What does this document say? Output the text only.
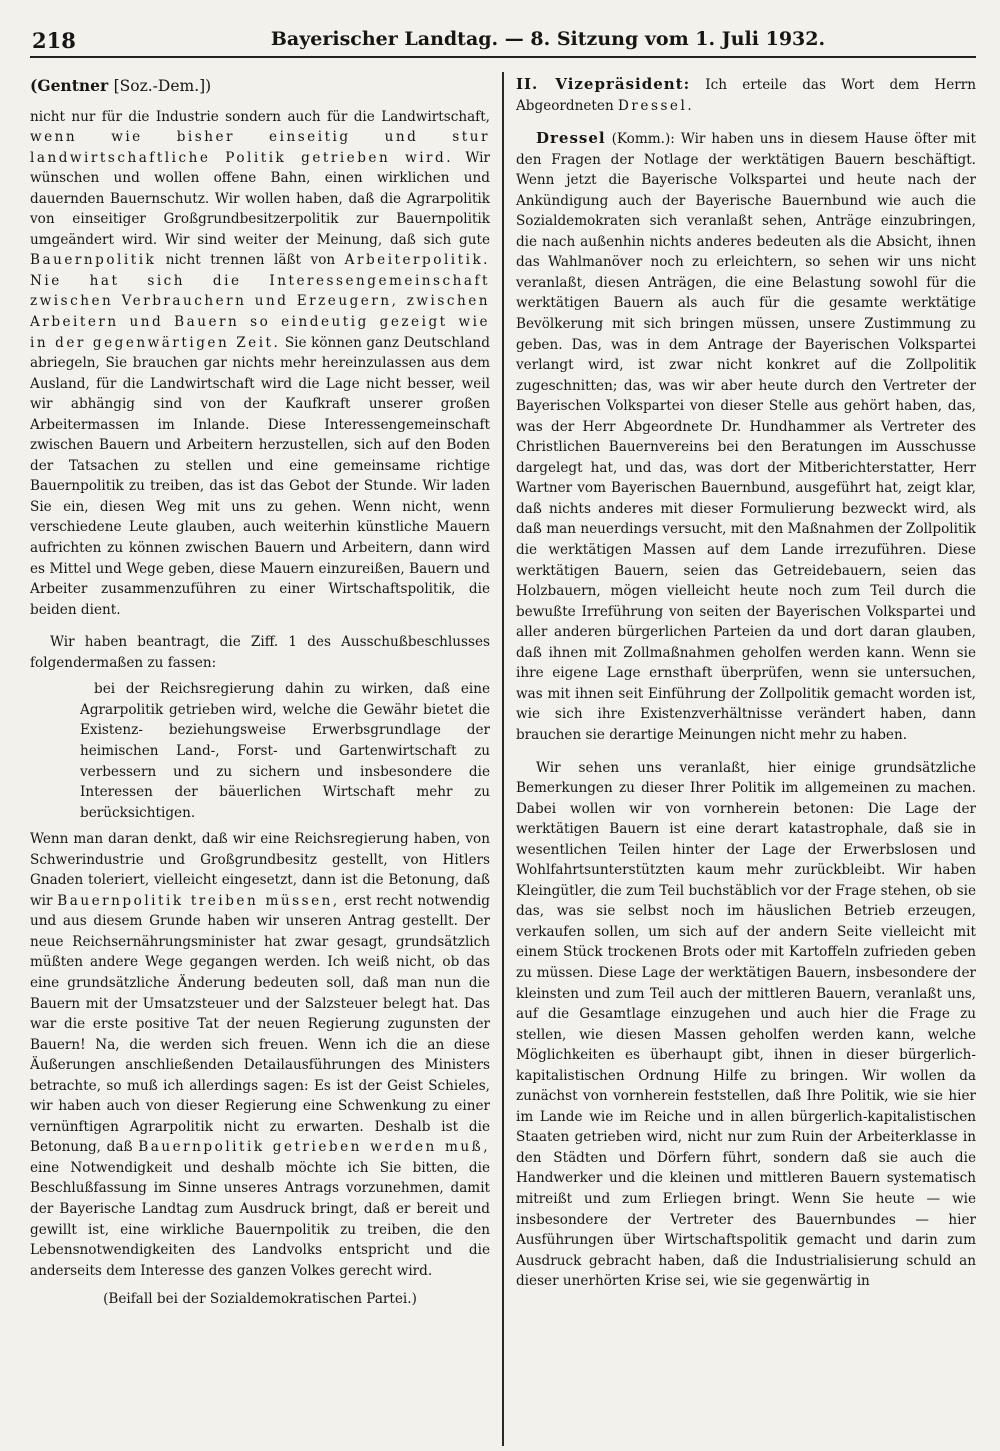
218	Bayerischer Landtag. — 8. Sitzung vom 1. Juli 1932.
(Gentner [Soz.-Dem.])

nicht nur für die Industrie sondern auch für die Landwirtschaft, wenn wie bisher einseitig und stur landwirtschaftliche Politik getrieben wird. Wir wünschen und wollen offene Bahn, einen wirklichen und dauernden Bauernschutz. Wir wollen haben, daß die Agrarpolitik von einseitiger Großgrundbesitzerpolitik zur Bauernpolitik umgeändert wird. Wir sind weiter der Meinung, daß sich gute Bauernpolitik nicht trennen läßt von Arbeiterpolitik. Nie hat sich die Interessengemeinschaft zwischen Verbrauchern und Erzeugern, zwischen Arbeitern und Bauern so eindeutig gezeigt wie in der gegenwärtigen Zeit. Sie können ganz Deutschland abriegeln, Sie brauchen gar nichts mehr hereinzulassen aus dem Ausland, für die Landwirtschaft wird die Lage nicht besser, weil wir abhängig sind von der Kaufkraft unserer großen Arbeitermassen im Inlande. Diese Interessengemeinschaft zwischen Bauern und Arbeitern herzustellen, sich auf den Boden der Tatsachen zu stellen und eine gemeinsame richtige Bauernpolitik zu treiben, das ist das Gebot der Stunde. Wir laden Sie ein, diesen Weg mit uns zu gehen. Wenn nicht, wenn verschiedene Leute glauben, auch weiterhin künstliche Mauern aufrichten zu können zwischen Bauern und Arbeitern, dann wird es Mittel und Wege geben, diese Mauern einzureißen, Bauern und Arbeiter zusammenzuführen zu einer Wirtschaftspolitik, die beiden dient.

Wir haben beantragt, die Ziff. 1 des Ausschußbeschlusses folgendermaßen zu fassen:

bei der Reichsregierung dahin zu wirken, daß eine Agrarpolitik getrieben wird, welche die Gewähr bietet die Existenz- beziehungsweise Erwerbsgrundlage der heimischen Land-, Forst- und Gartenwirtschaft zu verbessern und zu sichern und insbesondere die Interessen der bäuerlichen Wirtschaft mehr zu berücksichtigen.

Wenn man daran denkt, daß wir eine Reichsregierung haben, von Schwerindustrie und Großgrundbesitz gestellt, von Hitlers Gnaden toleriert, vielleicht eingesetzt, dann ist die Betonung, daß wir Bauernpolitik treiben müssen, erst recht notwendig und aus diesem Grunde haben wir unseren Antrag gestellt. Der neue Reichsernährungsminister hat zwar gesagt, grundsätzlich müßten andere Wege gegangen werden. Ich weiß nicht, ob das eine grundsätzliche Änderung bedeuten soll, daß man nun die Bauern mit der Umsatzsteuer und der Salzsteuer belegt hat. Das war die erste positive Tat der neuen Regierung zugunsten der Bauern! Na, die werden sich freuen. Wenn ich die an diese Äußerungen anschließenden Detailausführungen des Ministers betrachte, so muß ich allerdings sagen: Es ist der Geist Schieles, wir haben auch von dieser Regierung eine Schwenkung zu einer vernünftigen Agrarpolitik nicht zu erwarten. Deshalb ist die Betonung, daß Bauernpolitik getrieben werden muß, eine Notwendigkeit und deshalb möchte ich Sie bitten, die Beschlußfassung im Sinne unseres Antrags vorzunehmen, damit der Bayerische Landtag zum Ausdruck bringt, daß er bereit und gewillt ist, eine wirkliche Bauernpolitik zu treiben, die den Lebensnotwendigkeiten des Landvolks entspricht und die anderseits dem Interesse des ganzen Volkes gerecht wird.

(Beifall bei der Sozialdemokratischen Partei.)

II. Vizepräsident: Ich erteile das Wort dem Herrn Abgeordneten Dressel.

Dressel (Komm.): Wir haben uns in diesem Hause öfter mit den Fragen der Notlage der werktätigen Bauern beschäftigt. Wenn jetzt die Bayerische Volkspartei und heute nach der Ankündigung auch der Bayerische Bauernbund wie auch die Sozialdemokraten sich veranlaßt sehen, Anträge einzubringen, die nach außenhin nichts anderes bedeuten als die Absicht, ihnen das Wahlmanöver noch zu erleichtern, so sehen wir uns nicht veranlaßt, diesen Anträgen, die eine Belastung sowohl für die werktätigen Bauern als auch für die gesamte werktätige Bevölkerung mit sich bringen müssen, unsere Zustimmung zu geben. Das, was in dem Antrage der Bayerischen Volkspartei verlangt wird, ist zwar nicht konkret auf die Zollpolitik zugeschnitten; das, was wir aber heute durch den Vertreter der Bayerischen Volkspartei von dieser Stelle aus gehört haben, das, was der Herr Abgeordnete Dr. Hundhammer als Vertreter des Christlichen Bauernvereins bei den Beratungen im Ausschusse dargelegt hat, und das, was dort der Mitberichterstatter, Herr Wartner vom Bayerischen Bauernbund, ausgeführt hat, zeigt klar, daß nichts anderes mit dieser Formulierung bezweckt wird, als daß man neuerdings versucht, mit den Maßnahmen der Zollpolitik die werktätigen Massen auf dem Lande irrezuführen. Diese werktätigen Bauern, seien das Getreidebauern, seien das Holzbauern, mögen vielleicht heute noch zum Teil durch die bewußte Irreführung von seiten der Bayerischen Volkspartei und aller anderen bürgerlichen Parteien da und dort daran glauben, daß ihnen mit Zollmaßnahmen geholfen werden kann. Wenn sie ihre eigene Lage ernsthaft überprüfen, wenn sie untersuchen, was mit ihnen seit Einführung der Zollpolitik gemacht worden ist, wie sich ihre Existenzverhältnisse verändert haben, dann brauchen sie derartige Meinungen nicht mehr zu haben.

Wir sehen uns veranlaßt, hier einige grundsätzliche Bemerkungen zu dieser Ihrer Politik im allgemeinen zu machen. Dabei wollen wir von vornherein betonen: Die Lage der werktätigen Bauern ist eine derart katastrophale, daß sie in wesentlichen Teilen hinter der Lage der Erwerbslosen und Wohlfahrtsunterstützten kaum mehr zurückbleibt. Wir haben Kleingütler, die zum Teil buchstäblich vor der Frage stehen, ob sie das, was sie selbst noch im häuslichen Betrieb erzeugen, verkaufen sollen, um sich auf der andern Seite vielleicht mit einem Stück trockenen Brots oder mit Kartoffeln zufrieden geben zu müssen. Diese Lage der werktätigen Bauern, insbesondere der kleinsten und zum Teil auch der mittleren Bauern, veranlaßt uns, auf die Gesamtlage einzugehen und auch hier die Frage zu stellen, wie diesen Massen geholfen werden kann, welche Möglichkeiten es überhaupt gibt, ihnen in dieser bürgerlich-kapitalistischen Ordnung Hilfe zu bringen. Wir wollen da zunächst von vornherein feststellen, daß Ihre Politik, wie sie hier im Lande wie im Reiche und in allen bürgerlich-kapitalistischen Staaten getrieben wird, nicht nur zum Ruin der Arbeiterklasse in den Städten und Dörfern führt, sondern daß sie auch die Handwerker und die kleinen und mittleren Bauern systematisch mitreißt und zum Erliegen bringt. Wenn Sie heute — wie insbesondere der Vertreter des Bauernbundes — hier Ausführungen über Wirtschaftspolitik gemacht und darin zum Ausdruck gebracht haben, daß die Industrialisierung schuld an dieser unerhörten Krise sei, wie sie gegenwärtig in
